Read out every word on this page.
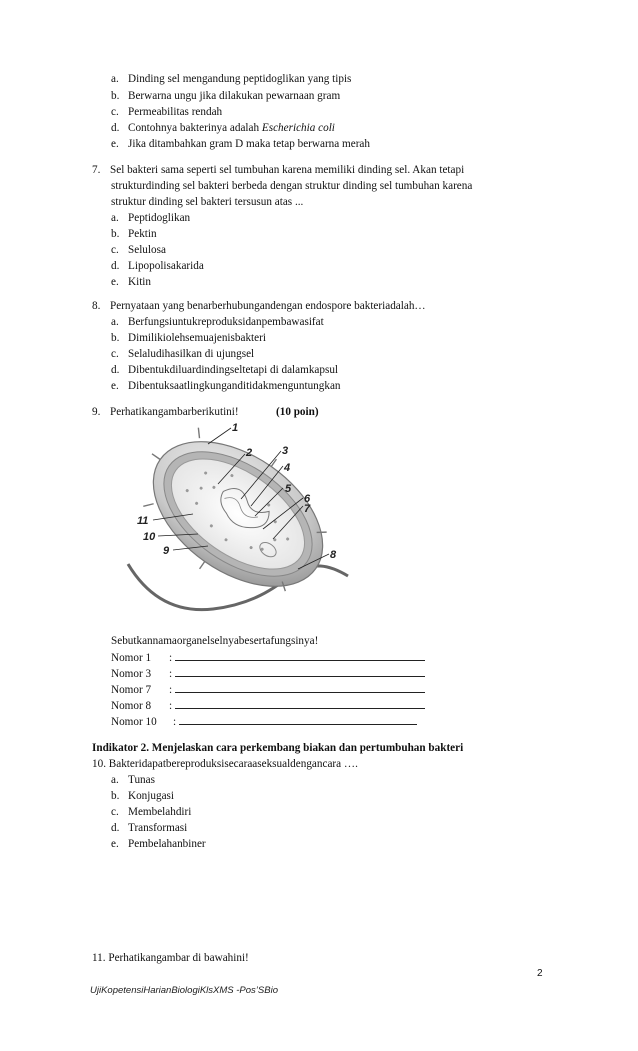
a. Dinding sel mengandung peptidoglikan yang tipis
b. Berwarna ungu jika dilakukan pewarnaan gram
c. Permeabilitas rendah
d. Contohnya bakterinya adalah Escherichia coli
e. Jika ditambahkan gram D maka tetap berwarna merah
7. Sel bakteri sama seperti sel tumbuhan karena memiliki dinding sel. Akan tetapi
strukturdinding sel bakteri berbeda dengan struktur dinding sel tumbuhan karena
struktur dinding sel bakteri tersusun atas ...
a. Peptidoglikan
b. Pektin
c. Selulosa
d. Lipopolisakarida
e. Kitin
8. Pernyataan yang benarberhubungandengan endospore bakteriadalah…
a. Berfungsiuntukreproduksidanpembawasifat
b. Dimilikiolehsemuajenisbakteri
c. Selaludihasilkan di ujungsel
d. Dibentukdiluardindingseltetapi di dalamkapsul
e. Dibentuksaatlingkunganditidakmenguntungkan
9. Perhatikangambarberikutini!	(10 poin)
1
2	3
4
5
6
7
8
9
10
11
Sebutkannamaorganelselnyabesertafungsinya!
Nomor 1 :
Nomor 3 :
Nomor 7 :
Nomor 8 :
Nomor 10 :
Indikator 2. Menjelaskan cara perkembang biakan dan pertumbuhan bakteri
10. Bakteridapatbereproduksisecaraaseksualdengancara ….
a. Tunas
b. Konjugasi
c. Membelahdiri
d. Transformasi
e. Pembelahanbiner
11. Perhatikangambar di bawahini!
2
UjiKopetensiHarianBiologiKlsXMS -Pos’SBio
